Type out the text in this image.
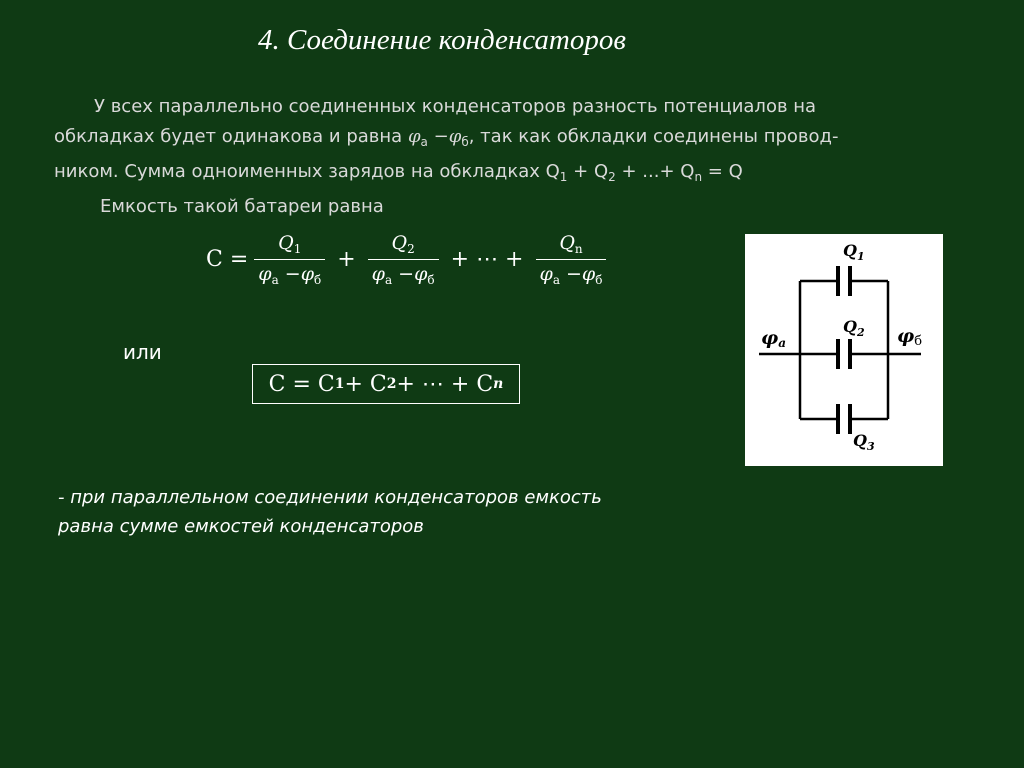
4. Соединение конденсаторов
У всех параллельно соединенных конденсаторов разность потенциалов на
обкладках будет одинакова и равна $\varphi_а -\varphi_б$, так как обкладки соединены провод-
ником. Сумма одноименных зарядов на обкладках $Q_1 + Q_2$ + ...+ $Q_n = Q$
Емкость такой батареи равна
$C = \frac{Q_1}{\varphi_а -\varphi_б} + \frac{Q_2}{\varphi_а -\varphi_б}$ + ⋯ + $\frac{Q_n}{\varphi_а -\varphi_б}$
или
C = C 1 + C 2 + ⋯ + C n
$Q_1$
$Q_2$
$Q_3$
φa	φб
- при параллельном соединении конденсаторов емкость
равна сумме емкостей конденсаторов
